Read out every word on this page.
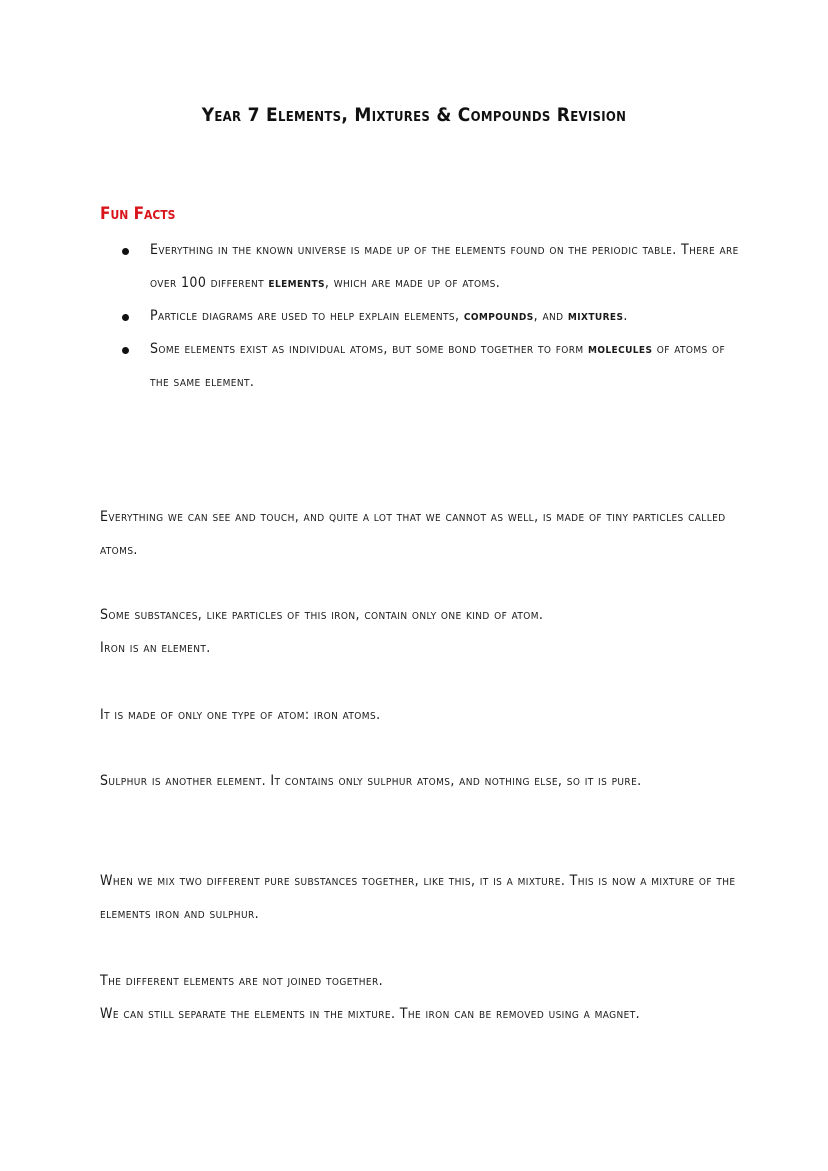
Year 7 Elements, Mixtures & Compounds Revision
Fun Facts
Everything in the known universe is made up of the elements found on the periodic table. There are over 100 different elements, which are made up of atoms.
Particle diagrams are used to help explain elements, compounds, and mixtures.
Some elements exist as individual atoms, but some bond together to form molecules of atoms of the same element.

Everything we can see and touch, and quite a lot that we cannot as well, is made of tiny particles called atoms.

Some substances, like particles of this iron, contain only one kind of atom.
Iron is an element.

It is made of only one type of atom: iron atoms.

Sulphur is another element. It contains only sulphur atoms, and nothing else, so it is pure.

When we mix two different pure substances together, like this, it is a mixture. This is now a mixture of the elements iron and sulphur.

The different elements are not joined together.
We can still separate the elements in the mixture. The iron can be removed using a magnet.
